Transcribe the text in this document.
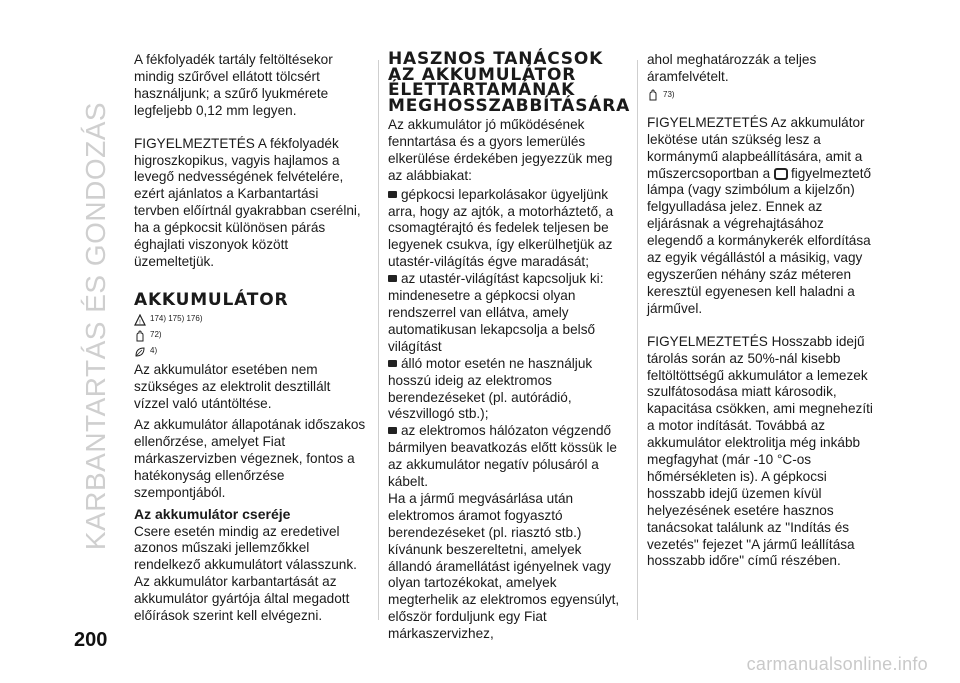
KARBANTARTÁS ÉS GONDOZÁS

A fékfolyadék tartály feltöltésekor mindig szűrővel ellátott tölcsért használjunk; a szűrő lyukmérete legfeljebb 0,12 mm legyen.

FIGYELMEZTETÉS A fékfolyadék higroszkopikus, vagyis hajlamos a levegő nedvességének felvételére, ezért ajánlatos a Karbantartási tervben előírtnál gyakrabban cserélni, ha a gépkocsit különösen párás éghajlati viszonyok között üzemeltetjük.

AKKUMULÁTOR
! 174) 175) 176)
72)
4)

Az akkumulátor esetében nem szükséges az elektrolit desztillált vízzel való utántöltése.

Az akkumulátor állapotának időszakos ellenőrzése, amelyet Fiat márkaszervizben végeznek, fontos a hatékonyság ellenőrzése szempontjából.

Az akkumulátor cseréje

Csere esetén mindig az eredetivel azonos műszaki jellemzőkkel rendelkező akkumulátort válasszunk. Az akkumulátor karbantartását az akkumulátor gyártója által megadott előírások szerint kell elvégezni.

HASZNOS TANÁCSOK AZ AKKUMULÁTOR ÉLETTARTAMÁNAK MEGHOSSZABBÍTÁSÁRA

Az akkumulátor jó működésének fenntartása és a gyors lemerülés elkerülése érdekében jegyezzük meg az alábbiakat:

gépkocsi leparkolásakor ügyeljünk arra, hogy az ajtók, a motorháztető, a csomagtérajtó és fedelek teljesen be legyenek csukva, így elkerülhetjük az utastér-világítás égve maradását;
az utastér-világítást kapcsoljuk ki: mindenesetre a gépkocsi olyan rendszerrel van ellátva, amely automatikusan lekapcsolja a belső világítást
álló motor esetén ne használjuk hosszú ideig az elektromos berendezéseket (pl. autórádió, vészvillogó stb.);
az elektromos hálózaton végzendő bármilyen beavatkozás előtt kössük le az akkumulátor negatív pólusáról a kábelt.

Ha a jármű megvásárlása után elektromos áramot fogyasztó berendezéseket (pl. riasztó stb.) kívánunk beszereltetni, amelyek állandó áramellátást igényelnek vagy olyan tartozékokat, amelyek megterhelik az elektromos egyensúlyt, először forduljunk egy Fiat márkaszervizhez,

ahol meghatározzák a teljes áramfelvételt.

73)

FIGYELMEZTETÉS Az akkumulátor lekötése után szükség lesz a kormánymű alapbeállítására, amit a műszercsoportban a figyelmeztető lámpa (vagy szimbólum a kijelzőn) felgyulladása jelez. Ennek az eljárásnak a végrehajtásához elegendő a kormánykerék elfordítása az egyik végállástól a másikig, vagy egyszerűen néhány száz méteren keresztül egyenesen kell haladni a járművel.

FIGYELMEZTETÉS Hosszabb idejű tárolás során az 50%-nál kisebb feltöltöttségű akkumulátor a lemezek szulfátosodása miatt károsodik, kapacitása csökken, ami megnehezíti a motor indítását. Továbbá az akkumulátor elektrolitja még inkább megfagyhat (már -10 °C-os hőmérsékleten is). A gépkocsi hosszabb idejű üzemen kívül helyezésének esetére hasznos tanácsokat találunk az "Indítás és vezetés" fejezet "A jármű leállítása hosszabb időre" című részében.

200
carmanualsonline.info
